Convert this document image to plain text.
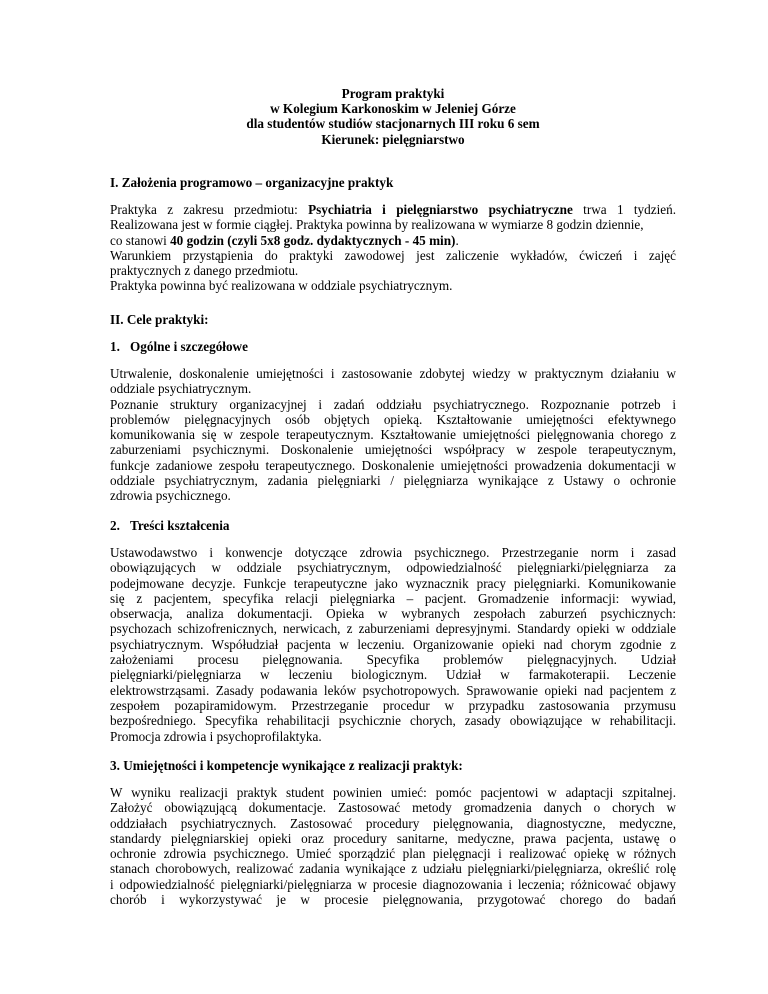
Program praktyki
w Kolegium Karkonoskim w Jeleniej Górze
dla studentów studiów stacjonarnych III roku 6 sem
Kierunek: pielęgniarstwo
I. Założenia programowo – organizacyjne praktyk
Praktyka z zakresu przedmiotu: Psychiatria i pielęgniarstwo psychiatryczne trwa 1 tydzień.
Realizowana jest w formie ciągłej. Praktyka powinna by realizowana w wymiarze 8 godzin dziennie,
co stanowi 40 godzin (czyli 5x8 godz. dydaktycznych - 45 min).
Warunkiem przystąpienia do praktyki zawodowej jest zaliczenie wykładów, ćwiczeń i zajęć
praktycznych z danego przedmiotu.
Praktyka powinna być realizowana w oddziale psychiatrycznym.
II. Cele praktyki:
1. Ogólne i szczegółowe
Utrwalenie, doskonalenie umiejętności i zastosowanie zdobytej wiedzy w praktycznym działaniu w
oddziale psychiatrycznym.
Poznanie struktury organizacyjnej i zadań oddziału psychiatrycznego. Rozpoznanie potrzeb i
problemów pielęgnacyjnych osób objętych opieką. Kształtowanie umiejętności efektywnego
komunikowania się w zespole terapeutycznym. Kształtowanie umiejętności pielęgnowania chorego z
zaburzeniami psychicznymi. Doskonalenie umiejętności współpracy w zespole terapeutycznym,
funkcje zadaniowe zespołu terapeutycznego. Doskonalenie umiejętności prowadzenia dokumentacji w
oddziale psychiatrycznym, zadania pielęgniarki / pielęgniarza wynikające z Ustawy o ochronie
zdrowia psychicznego.
2. Treści kształcenia
Ustawodawstwo i konwencje dotyczące zdrowia psychicznego. Przestrzeganie norm i zasad
obowiązujących w oddziale psychiatrycznym, odpowiedzialność pielęgniarki/pielęgniarza za
podejmowane decyzje. Funkcje terapeutyczne jako wyznacznik pracy pielęgniarki. Komunikowanie
się z pacjentem, specyfika relacji pielęgniarka – pacjent. Gromadzenie informacji: wywiad,
obserwacja, analiza dokumentacji. Opieka w wybranych zespołach zaburzeń psychicznych:
psychozach schizofrenicznych, nerwicach, z zaburzeniami depresyjnymi. Standardy opieki w oddziale
psychiatrycznym. Współudział pacjenta w leczeniu. Organizowanie opieki nad chorym zgodnie z
założeniami procesu pielęgnowania. Specyfika problemów pielęgnacyjnych. Udział
pielęgniarki/pielęgniarza w leczeniu biologicznym. Udział w farmakoterapii. Leczenie
elektrowstrząsami. Zasady podawania leków psychotropowych. Sprawowanie opieki nad pacjentem z
zespołem pozapiramidowym. Przestrzeganie procedur w przypadku zastosowania przymusu
bezpośredniego. Specyfika rehabilitacji psychicznie chorych, zasady obowiązujące w rehabilitacji.
Promocja zdrowia i psychoprofilaktyka.
3. Umiejętności i kompetencje wynikające z realizacji praktyk:
W wyniku realizacji praktyk student powinien umieć: pomóc pacjentowi w adaptacji szpitalnej.
Założyć obowiązującą dokumentacje. Zastosować metody gromadzenia danych o chorych w
oddziałach psychiatrycznych. Zastosować procedury pielęgnowania, diagnostyczne, medyczne,
standardy pielęgniarskiej opieki oraz procedury sanitarne, medyczne, prawa pacjenta, ustawę o
ochronie zdrowia psychicznego. Umieć sporządzić plan pielęgnacji i realizować opiekę w różnych
stanach chorobowych, realizować zadania wynikające z udziału pielęgniarki/pielęgniarza, określić rolę
i odpowiedzialność pielęgniarki/pielęgniarza w procesie diagnozowania i leczenia; różnicować objawy
chorób i wykorzystywać je w procesie pielęgnowania, przygotować chorego do badań
